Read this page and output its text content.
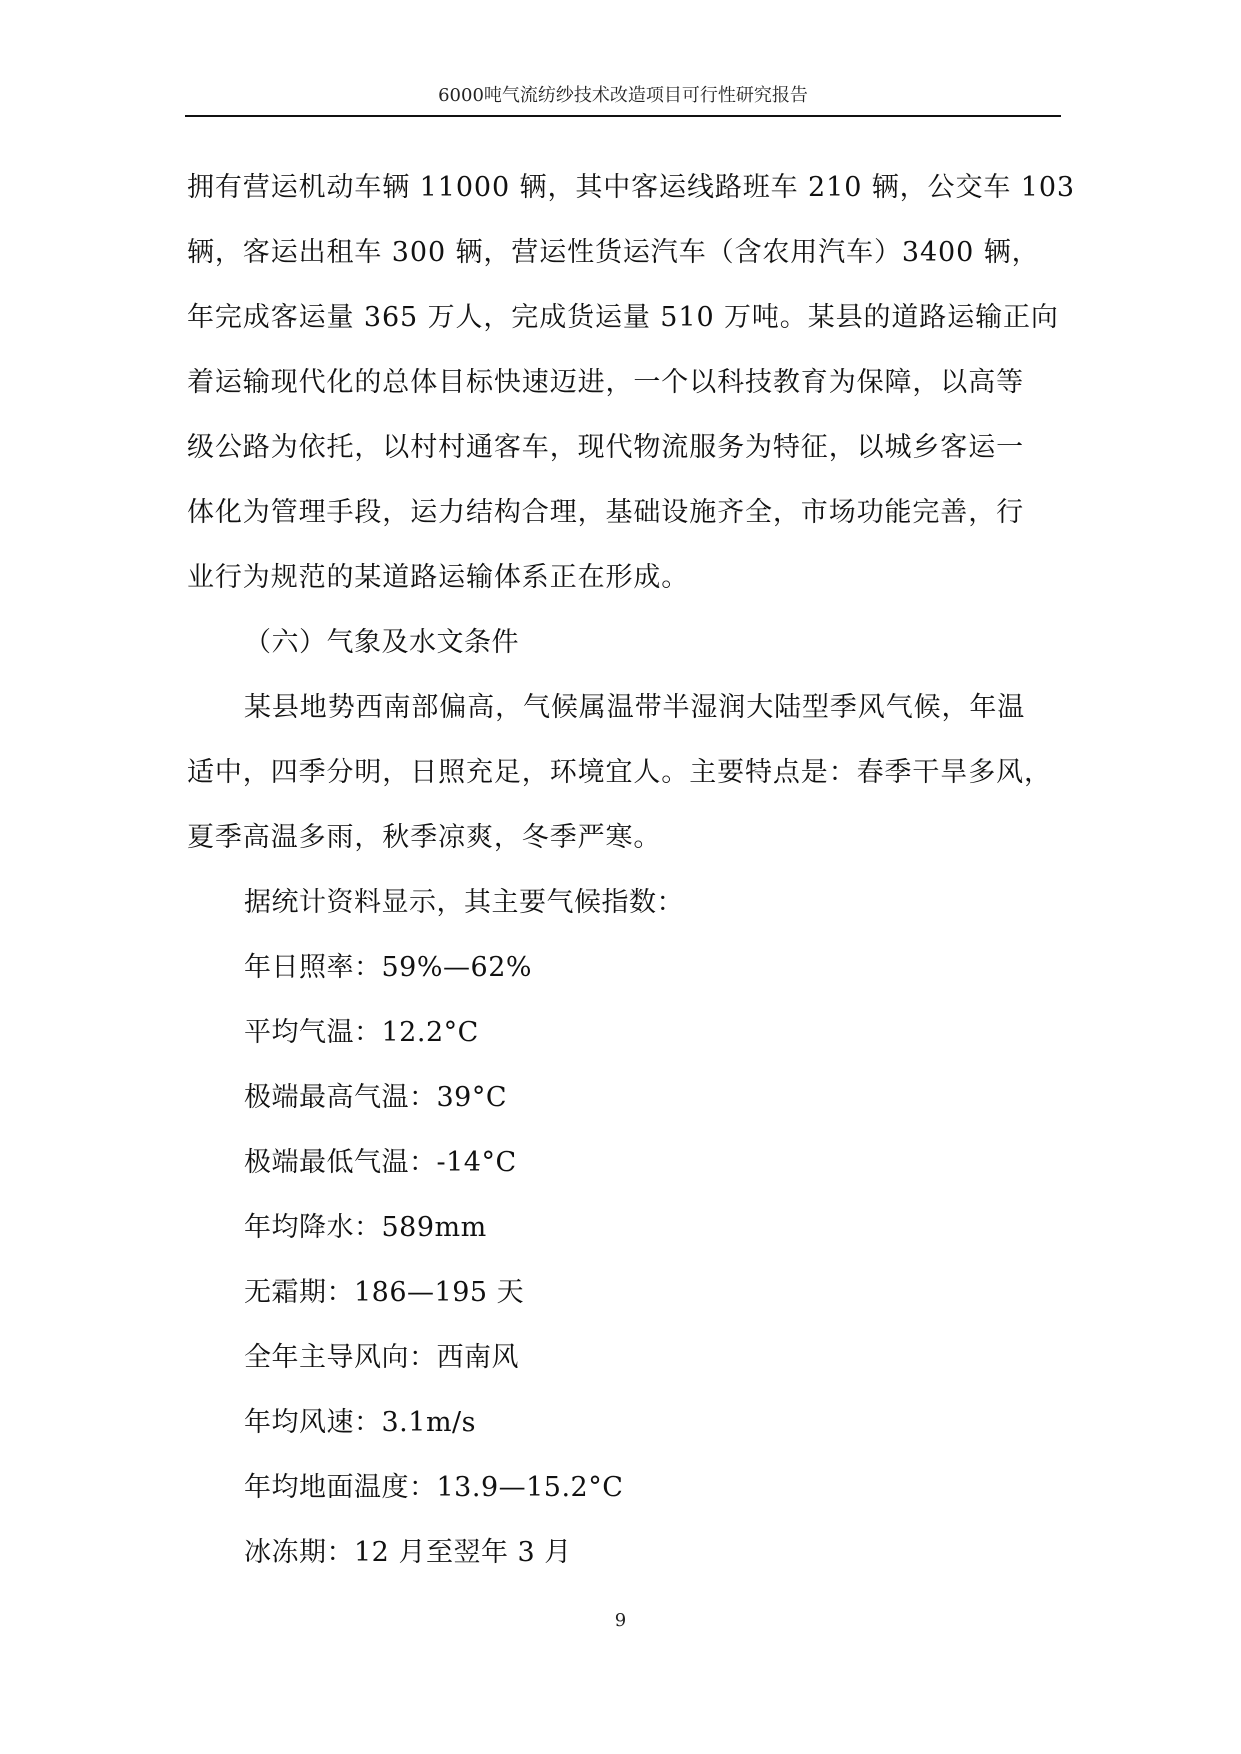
6000吨气流纺纱技术改造项目可行性研究报告
拥有营运机动车辆 11000 辆，其中客运线路班车 210 辆，公交车 103
辆，客运出租车 300 辆，营运性货运汽车（含农用汽车）3400 辆，
年完成客运量 365 万人，完成货运量 510 万吨。某县的道路运输正向
着运输现代化的总体目标快速迈进，一个以科技教育为保障，以高等
级公路为依托，以村村通客车，现代物流服务为特征，以城乡客运一
体化为管理手段，运力结构合理，基础设施齐全，市场功能完善，行
业行为规范的某道路运输体系正在形成。
（六）气象及水文条件
某县地势西南部偏高，气候属温带半湿润大陆型季风气候，年温
适中，四季分明，日照充足，环境宜人。主要特点是：春季干旱多风，
夏季高温多雨，秋季凉爽，冬季严寒。
据统计资料显示，其主要气候指数：
年日照率：59%—62%
平均气温：12.2°C
极端最高气温：39°C
极端最低气温：-14°C
年均降水：589mm
无霜期：186—195 天
全年主导风向：西南风
年均风速：3.1m/s
年均地面温度：13.9—15.2°C
冰冻期：12 月至翌年 3 月
9
